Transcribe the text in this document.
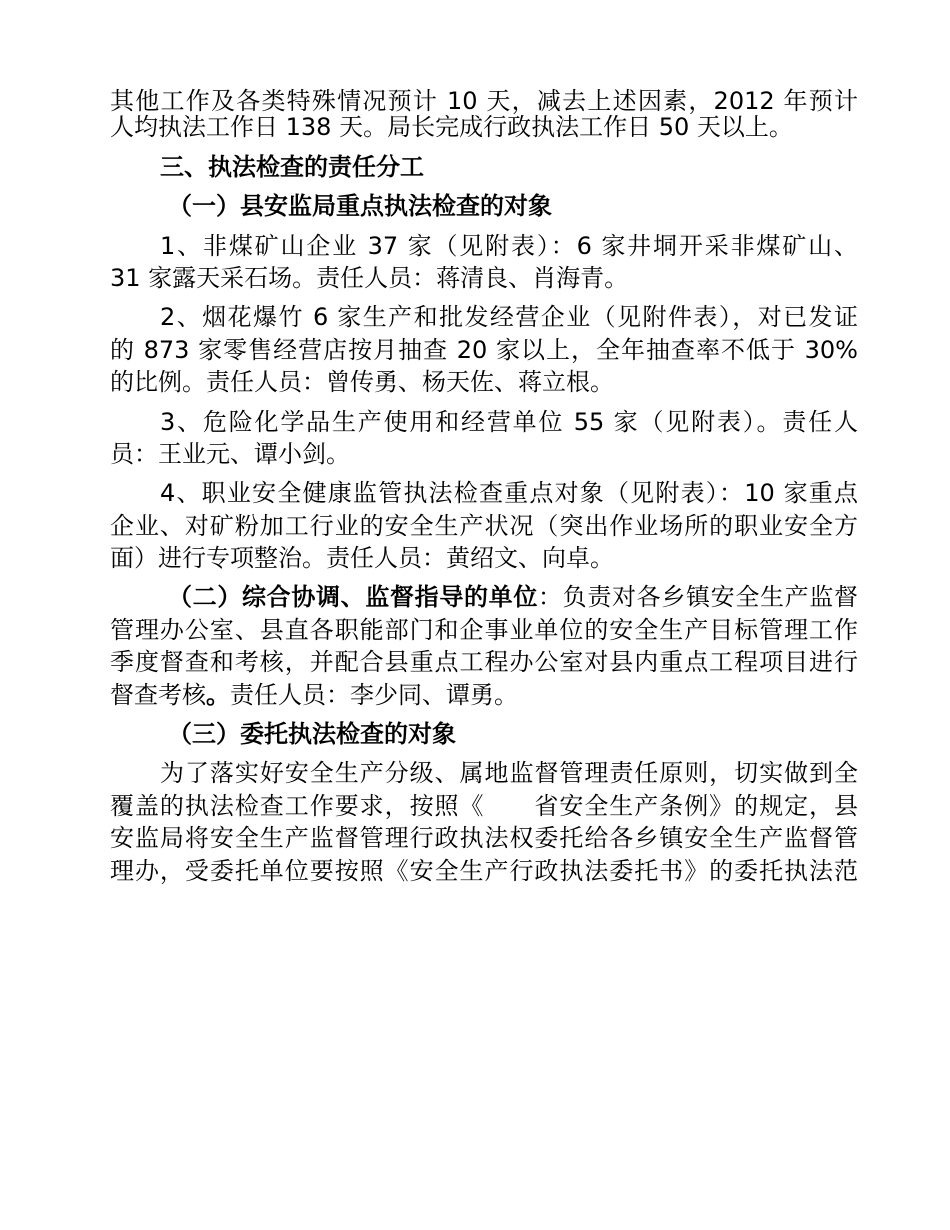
其他工作及各类特殊情况预计 10 天，减去上述因素，2012 年预计
人均执法工作日 138 天。局长完成行政执法工作日 50 天以上。
三、执法检查的责任分工
（一）县安监局重点执法检查的对象
1、非煤矿山企业 37 家（见附表）：6 家井垌开采非煤矿山、
31 家露天采石场。责任人员：蒋清良、肖海青。
2、烟花爆竹 6 家生产和批发经营企业（见附件表），对已发证
的 873 家零售经营店按月抽查 20 家以上，全年抽查率不低于 30%
的比例。责任人员：曾传勇、杨天佐、蒋立根。
3、危险化学品生产使用和经营单位 55 家（见附表）。责任人
员：王业元、谭小剑。
4、职业安全健康监管执法检查重点对象（见附表）：10 家重点
企业、对矿粉加工行业的安全生产状况（突出作业场所的职业安全方
面）进行专项整治。责任人员：黄绍文、向卓。
（二）综合协调、监督指导的单位：负责对各乡镇安全生产监督
管理办公室、县直各职能部门和企事业单位的安全生产目标管理工作
季度督查和考核，并配合县重点工程办公室对县内重点工程项目进行
督查考核。责任人员：李少同、谭勇。
（三）委托执法检查的对象
为了落实好安全生产分级、属地监督管理责任原则，切实做到全
覆盖的执法检查工作要求，按照《　　省安全生产条例》的规定，县
安监局将安全生产监督管理行政执法权委托给各乡镇安全生产监督管
理办，受委托单位要按照《安全生产行政执法委托书》的委托执法范
